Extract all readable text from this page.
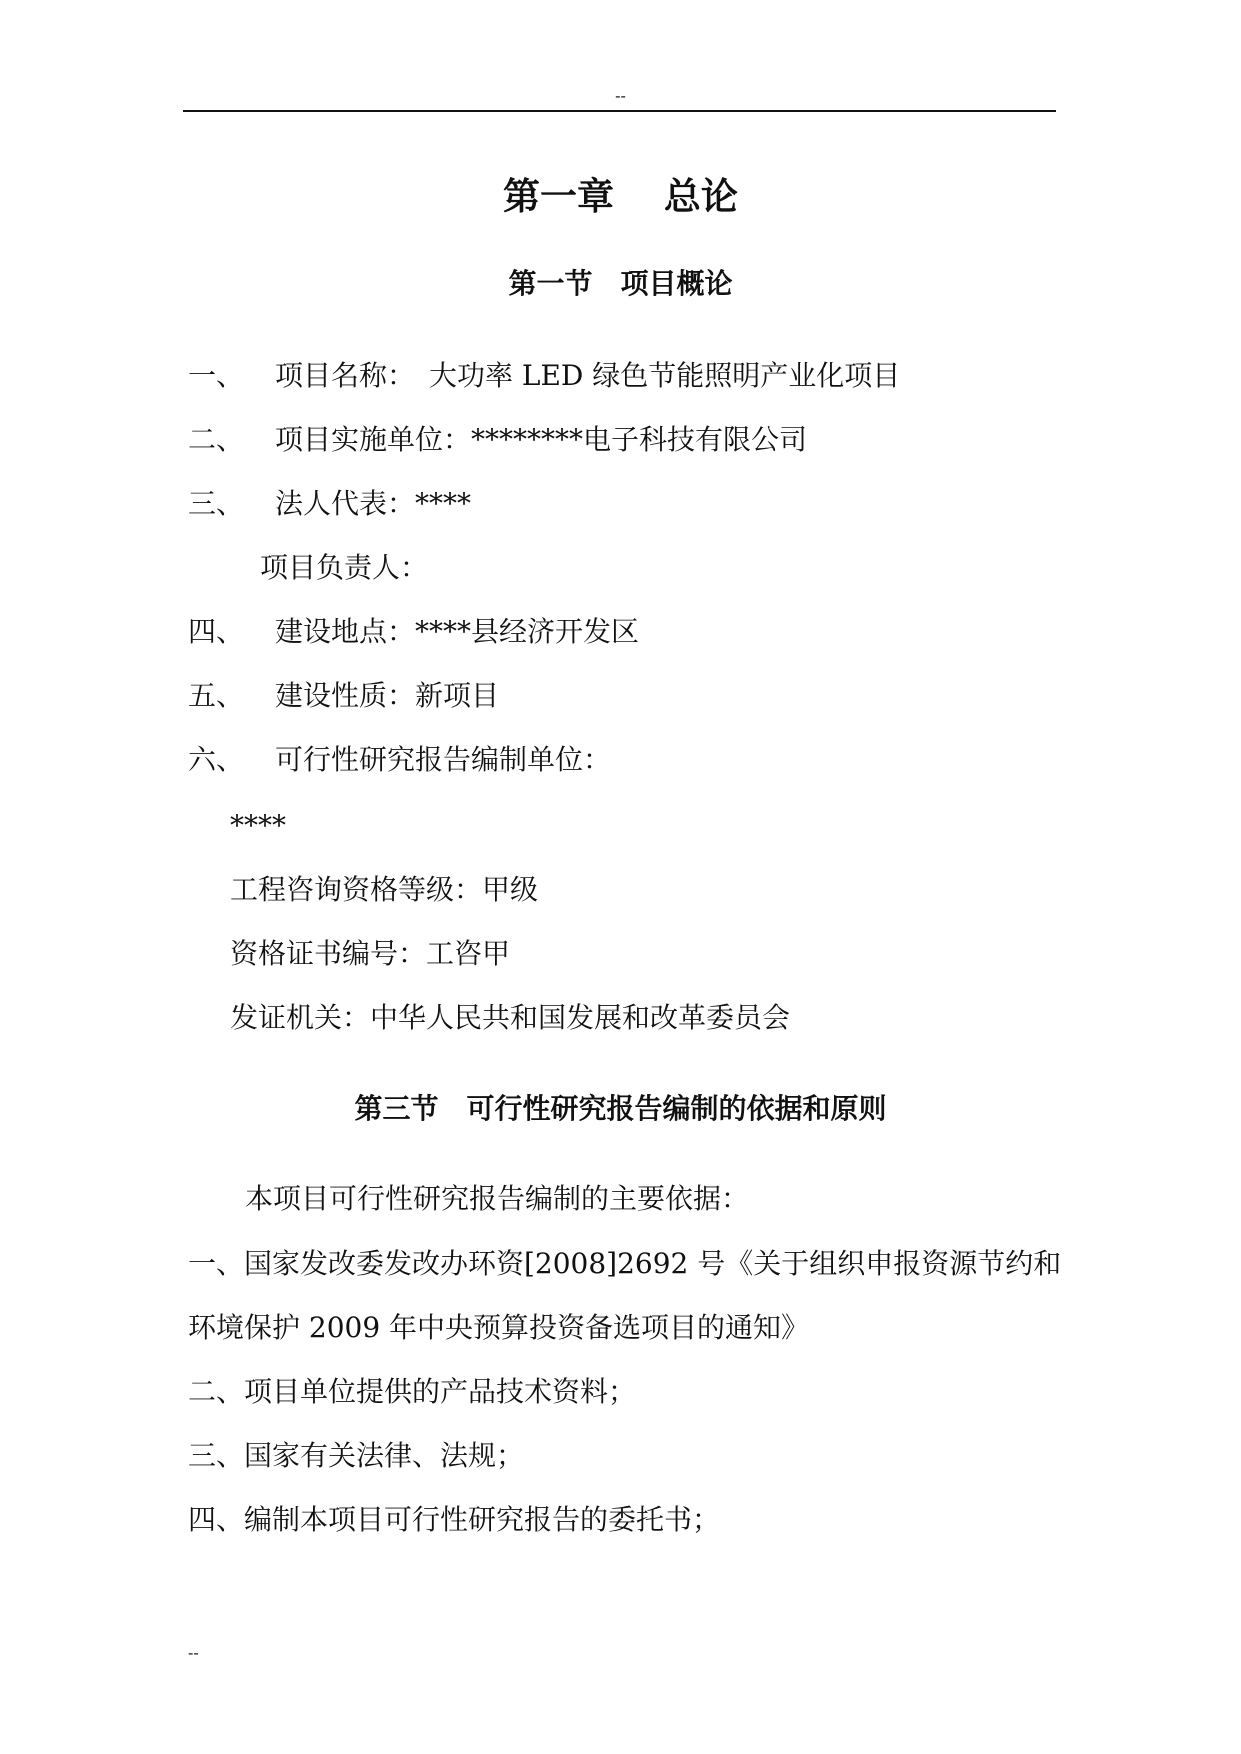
--
第一章　 总论
第一节　项目概论
一、 项目名称：　大功率 LED 绿色节能照明产业化项目
二、 项目实施单位：********电子科技有限公司
三、 法人代表：****
项目负责人：
四、 建设地点：****县经济开发区
五、 建设性质：新项目
六、 可行性研究报告编制单位：
****
工程咨询资格等级：甲级
资格证书编号：工咨甲
发证机关：中华人民共和国发展和改革委员会
第三节　可行性研究报告编制的依据和原则
本项目可行性研究报告编制的主要依据：
一、国家发改委发改办环资[2008]2692 号《关于组织申报资源节约和
环境保护 2009 年中央预算投资备选项目的通知》
二、项目单位提供的产品技术资料；
三、国家有关法律、法规；
四、编制本项目可行性研究报告的委托书；
--
